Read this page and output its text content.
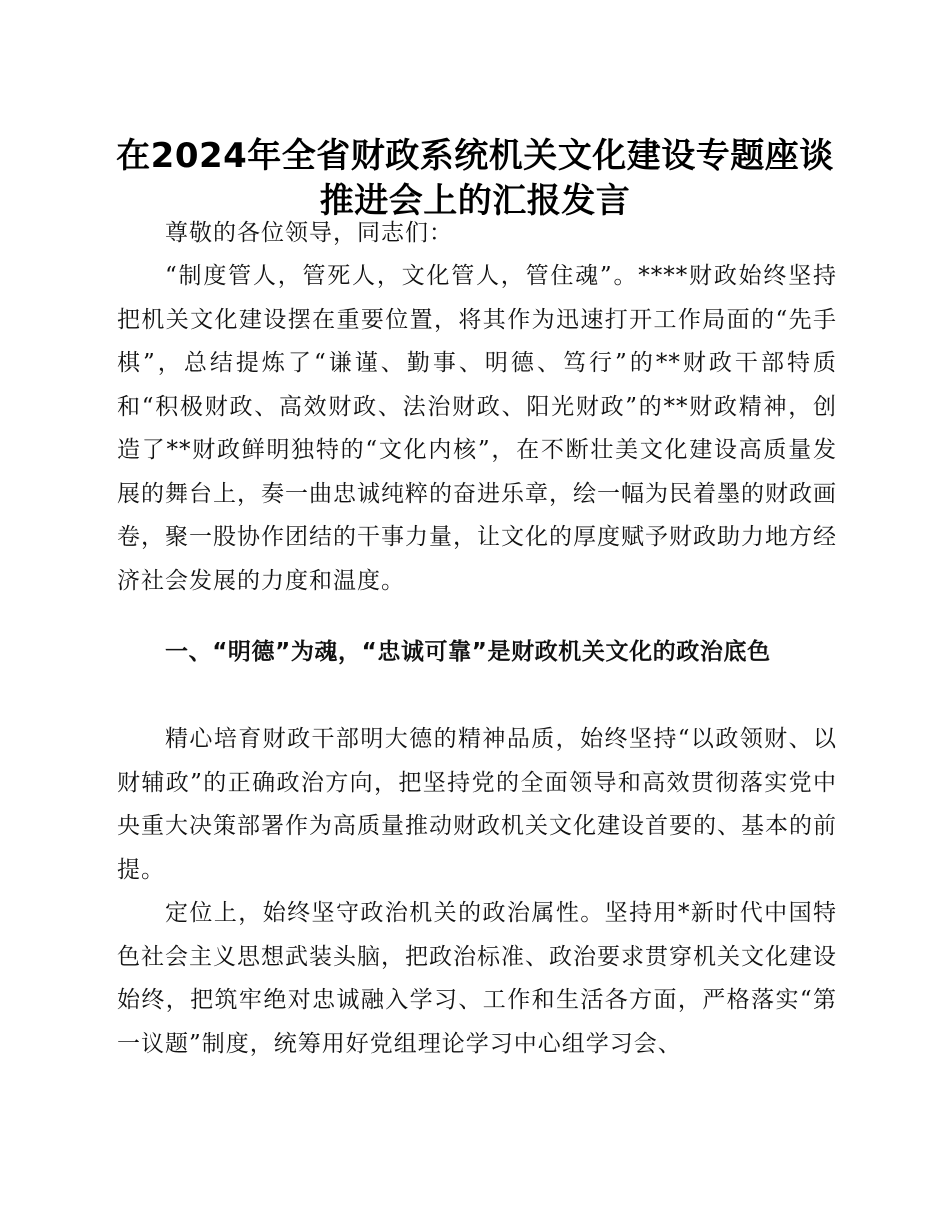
在2024年全省财政系统机关文化建设专题座谈
推进会上的汇报发言
尊敬的各位领导，同志们：
“制度管人，管死人，文化管人，管住魂”。****财政始终坚持把机关文化建设摆在重要位置，将其作为迅速打开工作局面的“先手棋”，总结提炼了“谦谨、勤事、明德、笃行”的**财政干部特质和“积极财政、高效财政、法治财政、阳光财政”的**财政精神，创造了**财政鲜明独特的“文化内核”，在不断壮美文化建设高质量发展的舞台上，奏一曲忠诚纯粹的奋进乐章，绘一幅为民着墨的财政画卷，聚一股协作团结的干事力量，让文化的厚度赋予财政助力地方经济社会发展的力度和温度。
一、“明德”为魂，“忠诚可靠”是财政机关文化的政治底色
精心培育财政干部明大德的精神品质，始终坚持“以政领财、以财辅政”的正确政治方向，把坚持党的全面领导和高效贯彻落实党中央重大决策部署作为高质量推动财政机关文化建设首要的、基本的前提。
定位上，始终坚守政治机关的政治属性。坚持用*新时代中国特色社会主义思想武装头脑，把政治标准、政治要求贯穿机关文化建设始终，把筑牢绝对忠诚融入学习、工作和生活各方面，严格落实“第一议题”制度，统筹用好党组理论学习中心组学习会、
